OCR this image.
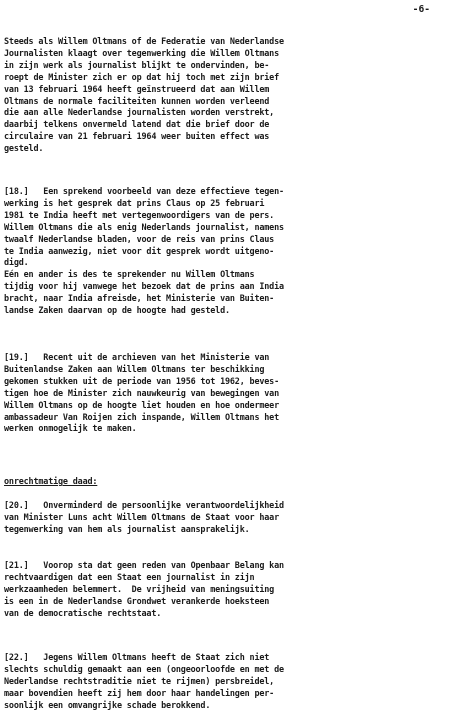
-6-

Steeds als Willem Oltmans of de Federatie van Nederlandse
Journalisten klaagt over tegenwerking die Willem Oltmans
in zijn werk als journalist blijkt te ondervinden, be-
roept de Minister zich er op dat hij toch met zijn brief
van 13 februari 1964 heeft geïnstrueerd dat aan Willem
Oltmans de normale faciliteiten kunnen worden verleend
die aan alle Nederlandse journalisten worden verstrekt,
daarbij telkens onvermeld latend dat die brief door de
circulaire van 21 februari 1964 weer buiten effect was
gesteld.

[18.]   Een sprekend voorbeeld van deze effectieve tegen-
werking is het gesprek dat prins Claus op 25 februari
1981 te India heeft met vertegenwoordigers van de pers.
Willem Oltmans die als enig Nederlands journalist, namens
twaalf Nederlandse bladen, voor de reis van prins Claus
te India aanwezig, niet voor dit gesprek wordt uitgeno-
digd.
Eén en ander is des te sprekender nu Willem Oltmans
tijdig voor hij vanwege het bezoek dat de prins aan India
bracht, naar India afreisde, het Ministerie van Buiten-
landse Zaken daarvan op de hoogte had gesteld.

[19.]   Recent uit de archieven van het Ministerie van
Buitenlandse Zaken aan Willem Oltmans ter beschikking
gekomen stukken uit de periode van 1956 tot 1962, beves-
tigen hoe de Minister zich nauwkeurig van bewegingen van
Willem Oltmans op de hoogte liet houden en hoe ondermeer
ambassadeur Van Roijen zich inspande, Willem Oltmans het
werken onmogelijk te maken.

onrechtmatige daad:

[20.]   Onverminderd de persoonlijke verantwoordelijkheid
van Minister Luns acht Willem Oltmans de Staat voor haar
tegenwerking van hem als journalist aansprakelijk.

[21.]   Voorop sta dat geen reden van Openbaar Belang kan
rechtvaardigen dat een Staat een journalist in zijn
werkzaamheden belemmert.  De vrijheid van meningsuiting
is een in de Nederlandse Grondwet verankerde hoeksteen
van de democratische rechtstaat.

[22.]   Jegens Willem Oltmans heeft de Staat zich niet
slechts schuldig gemaakt aan een (ongeoorloofde en met de
Nederlandse rechtstraditie niet te rijmen) persbreidel,
maar bovendien heeft zij hem door haar handelingen per-
soonlijk een omvangrijke schade berokkend.
